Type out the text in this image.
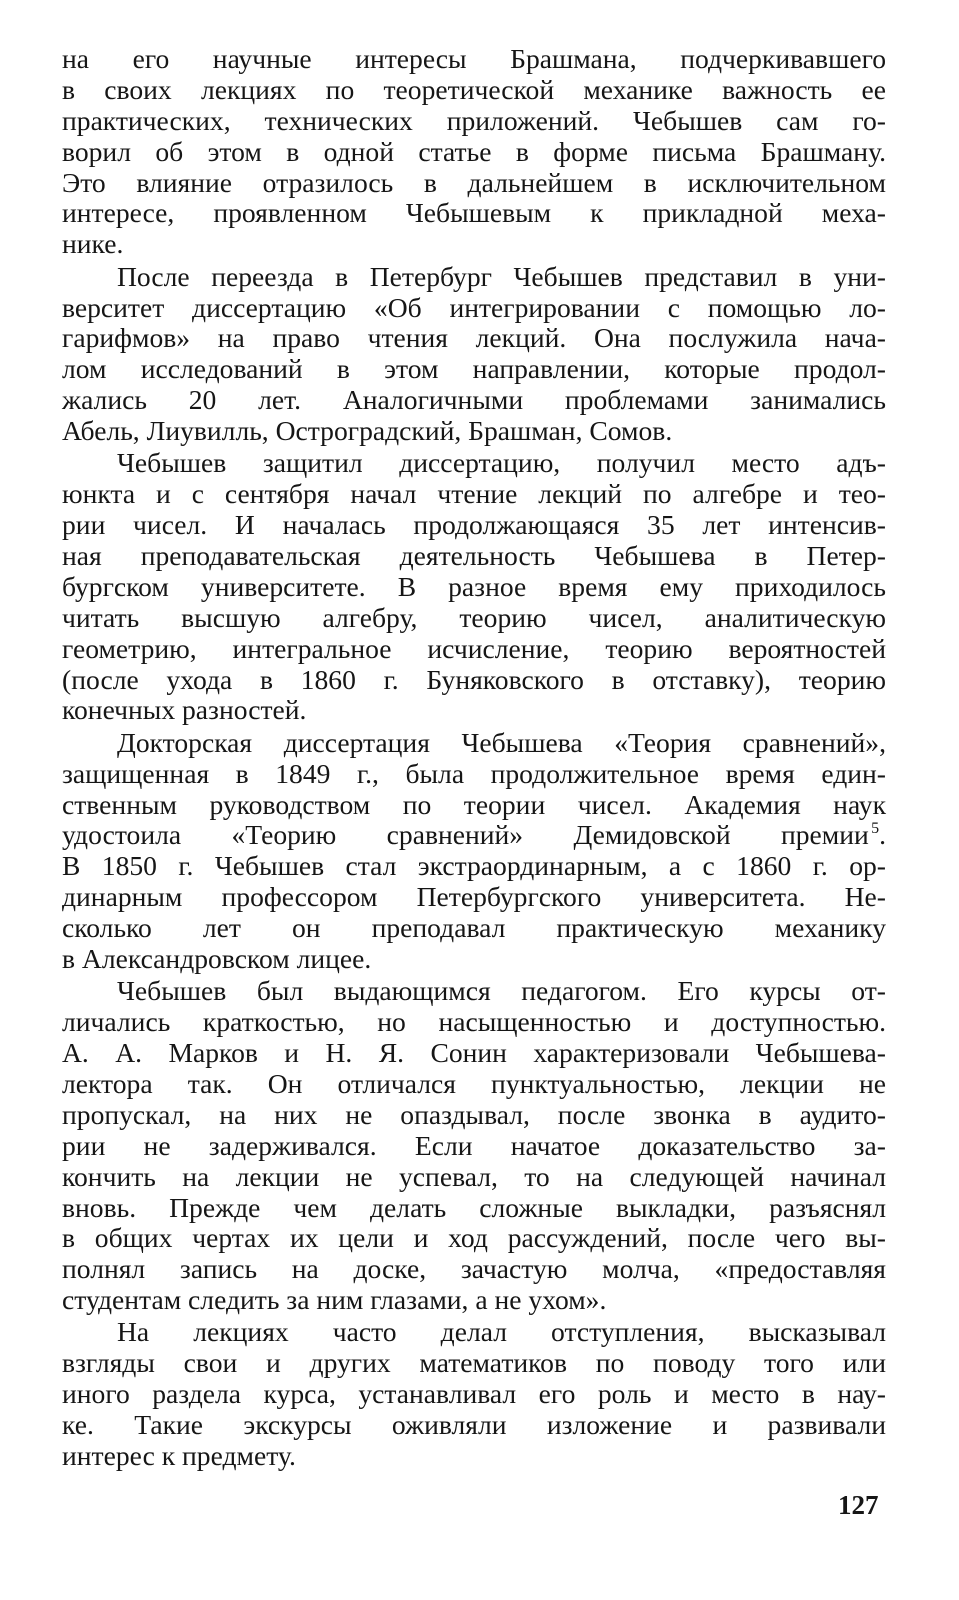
на его научные интересы Брашмана, подчеркивавшего
в своих лекциях по теоретической механике важность ее
практических, технических приложений. Чебышев сам го-
ворил об этом в одной статье в форме письма Брашману.
Это влияние отразилось в дальнейшем в исключительном
интересе, проявленном Чебышевым к прикладной меха-
нике.
После переезда в Петербург Чебышев представил в уни-
верситет диссертацию «Об интегрировании с помощью ло-
гарифмов» на право чтения лекций. Она послужила нача-
лом исследований в этом направлении, которые продол-
жались 20 лет. Аналогичными проблемами занимались
Абель, Лиувилль, Остроградский, Брашман, Сомов.
Чебышев защитил диссертацию, получил место адъ-
юнкта и с сентября начал чтение лекций по алгебре и тео-
рии чисел. И началась продолжающаяся 35 лет интенсив-
ная преподавательская деятельность Чебышева в Петер-
бургском университете. В разное время ему приходилось
читать высшую алгебру, теорию чисел, аналитическую
геометрию, интегральное исчисление, теорию вероятностей
(после ухода в 1860 г. Буняковского в отставку), теорию
конечных разностей.
Докторская диссертация Чебышева «Теория сравнений»,
защищенная в 1849 г., была продолжительное время един-
ственным руководством по теории чисел. Академия наук
удостоила «Теорию сравнений» Демидовской премии  $^5$.
В 1850 г. Чебышев стал экстраординарным, а с 1860 г. ор-
динарным профессором Петербургского университета. Не-
сколько лет он преподавал практическую механику
в Александровском лицее.
Чебышев был выдающимся педагогом. Его курсы от-
личались краткостью, но насыщенностью и доступностью.
А. А. Марков и Н. Я. Сонин характеризовали Чебышева-
лектора так. Он отличался пунктуальностью, лекции не
пропускал, на них не опаздывал, после звонка в аудито-
рии не задерживался. Если начатое доказательство за-
кончить на лекции не успевал, то на следующей начинал
вновь. Прежде чем делать сложные выкладки, разъяснял
в общих чертах их цели и ход рассуждений, после чего вы-
полнял запись на доске, зачастую молча, «предоставляя
студентам следить за ним глазами, а не ухом».
На лекциях часто делал отступления, высказывал
взгляды свои и других математиков по поводу того или
иного раздела курса, устанавливал его роль и место в нау-
ке. Такие экскурсы оживляли изложение и развивали
интерес к предмету.
127
